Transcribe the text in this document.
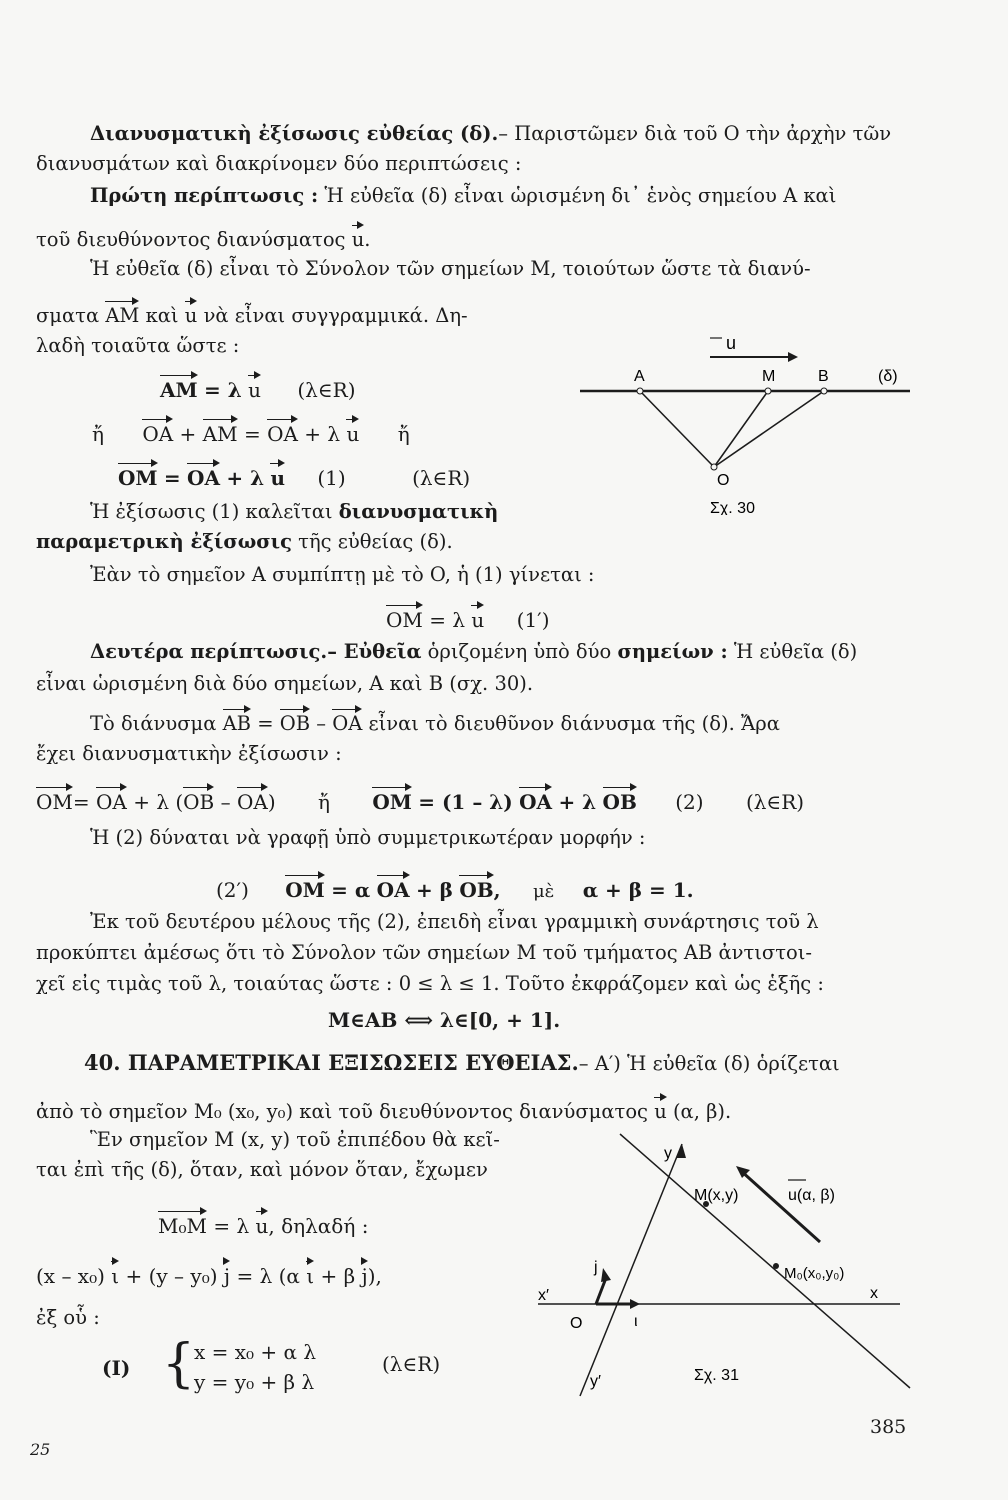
Διανυσματικὴ ἐξίσωσις εὐθείας (δ).– Παριστῶμεν διὰ τοῦ O τὴν ἀρχὴν τῶν
διανυσμάτων καὶ διακρίνομεν δύο περιπτώσεις :
Πρώτη περίπτωσις : Ἡ εὐθεῖα (δ) εἶναι ὡρισμένη δι᾿ ἑνὸς σημείου A καὶ
τοῦ διευθύνοντος διανύσματος u.
Ἡ εὐθεῖα (δ) εἶναι τὸ Σύνολον τῶν σημείων M, τοιούτων ὥστε τὰ διανύ-
σματα AM καὶ u νὰ εἶναι συγγραμμικά. Δη-
λαδὴ τοιαῦτα ὥστε :
AM = λ u (λ∈R)
ἤ OA + AM = OA + λ u ἤ
OM = OA + λ u (1)	(λ∈R)
Ἡ ἐξίσωσις (1) καλεῖται διανυσματικὴ
παραμετρικὴ ἐξίσωσις τῆς εὐθείας (δ).
Ἐὰν τὸ σημεῖον A συμπίπτῃ μὲ τὸ O, ἡ (1) γίνεται :
OM = λ u (1′)
u
A	M	B	(δ)
O
Σχ. 30
Δευτέρα περίπτωσις.– Εὐθεῖα ὁριζομένη ὑπὸ δύο σημείων : Ἡ εὐθεῖα (δ)
εἶναι ὡρισμένη διὰ δύο σημείων, A καὶ B (σχ. 30).
Τὸ διάνυσμα AB = OB – OA εἶναι τὸ διευθῦνον διάνυσμα τῆς (δ). Ἄρα
ἔχει διανυσματικὴν ἐξίσωσιν :
OM= OA + λ (OB – OA) ἤ OM = (1 – λ) OA + λ OB (2) (λ∈R)
Ἡ (2) δύναται νὰ γραφῇ ὑπὸ συμμετρικωτέραν μορφήν :
(2′) OM = α OA + β OB, μὲ α + β = 1.
Ἐκ τοῦ δευτέρου μέλους τῆς (2), ἐπειδὴ εἶναι γραμμικὴ συνάρτησις τοῦ λ
προκύπτει ἀμέσως ὅτι τὸ Σύνολον τῶν σημείων M τοῦ τμήματος AB ἀντιστοι-
χεῖ εἰς τιμὰς τοῦ λ, τοιαύτας ὥστε : 0 ≤ λ ≤ 1. Τοῦτο ἐκφράζομεν καὶ ὡς ἑξῆς :
M∈AB ⟺ λ∈[0, + 1].
40. ΠΑΡΑΜΕΤΡΙΚΑΙ ΕΞΙΣΩΣΕΙΣ ΕΥΘΕΙΑΣ.– A′) Ἡ εὐθεῖα (δ) ὁρίζεται
ἀπὸ τὸ σημεῖον M₀ (x₀, y₀) καὶ τοῦ διευθύνοντος διανύσματος u (α, β).
Ἓν σημεῖον M (x, y) τοῦ ἐπιπέδου θὰ κεῖ-
ται ἐπὶ τῆς (δ), ὅταν, καὶ μόνον ὅταν, ἔχωμεν
M₀M = λ u, δηλαδή :
(x – x₀) ι + (y – y₀) j = λ (α ι + β j),
ἐξ οὗ :
(I) {
x = x₀ + α λ
y = y₀ + β λ
(λ∈R)
y
M(x,y)	u(α, β)
M₀(x₀,y₀)
x′	x
O
j
ι
y′	Σχ. 31
25
385
